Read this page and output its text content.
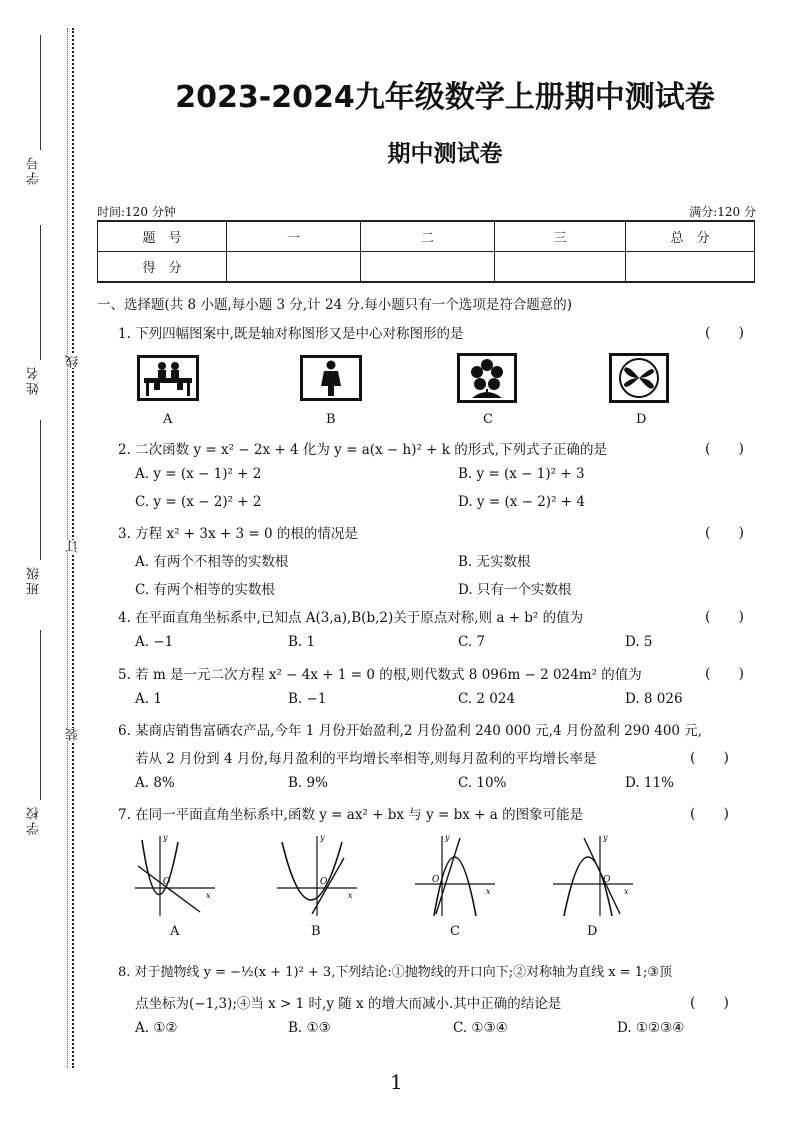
学号
姓名
班级
学校
线
订
装
2023-2024九年级数学上册期中测试卷
期中测试卷
时间:120 分钟	满分:120 分
题　号	一	二	三	总　分
得　分				
一、选择题(共 8 小题,每小题 3 分,计 24 分.每小题只有一个选项是符合题意的)
1. 下列四幅图案中,既是轴对称图形又是中心对称图形的是	(　　)
A	B	C	D
2. 二次函数 y = x² − 2x + 4 化为 y = a(x − h)² + k 的形式,下列式子正确的是	(　　)
A. y = (x − 1)² + 2	B. y = (x − 1)² + 3
C. y = (x − 2)² + 2	D. y = (x − 2)² + 4
3. 方程 x² + 3x + 3 = 0 的根的情况是	(　　)
A. 有两个不相等的实数根	B. 无实数根
C. 有两个相等的实数根	D. 只有一个实数根
4. 在平面直角坐标系中,已知点 A(3,a),B(b,2)关于原点对称,则 a + b² 的值为	(　　)
A. −1	B. 1	C. 7	D. 5
5. 若 m 是一元二次方程 x² − 4x + 1 = 0 的根,则代数式 8 096m − 2 024m² 的值为	(　　)
A. 1	B. −1	C. 2 024	D. 8 026
6. 某商店销售富硒农产品,今年 1 月份开始盈利,2 月份盈利 240 000 元,4 月份盈利 290 400 元,
若从 2 月份到 4 月份,每月盈利的平均增长率相等,则每月盈利的平均增长率是	(　　)
A. 8%	B. 9%	C. 10%	D. 11%
7. 在同一平面直角坐标系中,函数 y = ax² + bx 与 y = bx + a 的图象可能是	(　　)
y
x
O
A
y
x
O
B
y
x
O
C
y
x
O
D
8. 对于抛物线 y = −½(x + 1)² + 3,下列结论:①抛物线的开口向下;②对称轴为直线 x = 1;③顶
点坐标为(−1,3);④当 x > 1 时,y 随 x 的增大而减小.其中正确的结论是	(　　)
A. ①②	B. ①③	C. ①③④	D. ①②③④
1
